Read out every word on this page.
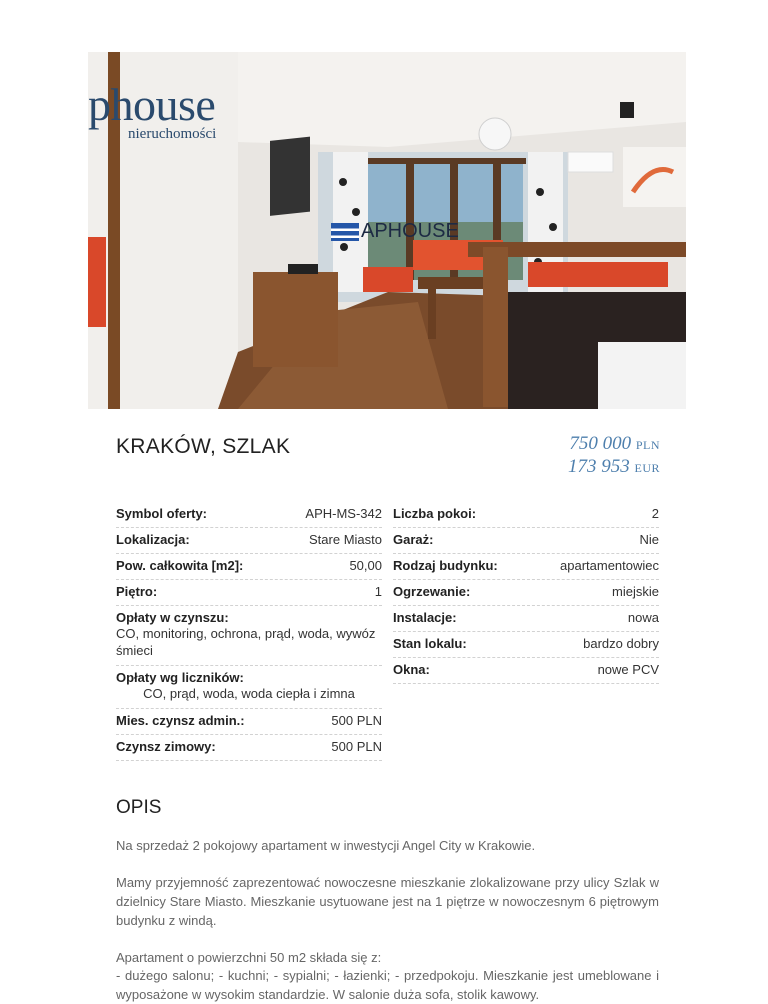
phouse
nieruchomości
APHOUSE
KRAKÓW, SZLAK	750 000 PLN
173 953 EUR
Symbol oferty:	APH-MS-342
Lokalizacja:	Stare Miasto
Pow. całkowita [m2]:	50,00
Piętro:	1
Opłaty w czynszu:
CO, monitoring, ochrona, prąd, woda, wywóz śmieci
Opłaty wg liczników:
CO, prąd, woda, woda ciepła i zimna
Mies. czynsz admin.:	500 PLN
Czynsz zimowy:	500 PLN
Liczba pokoi:	2
Garaż:	Nie
Rodzaj budynku:	apartamentowiec
Ogrzewanie:	miejskie
Instalacje:	nowa
Stan lokalu:	bardzo dobry
Okna:	nowe PCV
OPIS
Na sprzedaż 2 pokojowy apartament w inwestycji Angel City w Krakowie.
Mamy przyjemność zaprezentować nowoczesne mieszkanie zlokalizowane przy ulicy Szlak w dzielnicy Stare Miasto. Mieszkanie usytuowane jest na 1 piętrze w nowoczesnym 6 piętrowym budynku z windą.
Apartament o powierzchni 50 m2 składa się z:
- dużego salonu; - kuchni; - sypialni; - łazienki; - przedpokoju. Mieszkanie jest umeblowane i wyposażone w wysokim standardzie. W salonie duża sofa, stolik kawowy.
